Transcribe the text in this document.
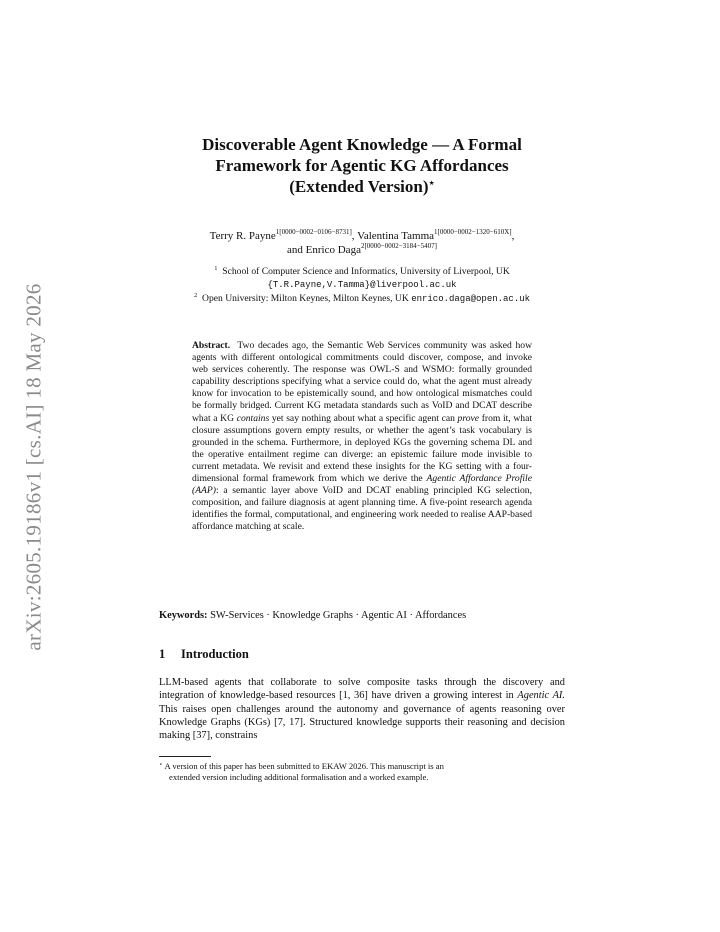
arXiv:2605.19186v1 [cs.AI] 18 May 2026
Discoverable Agent Knowledge — A Formal
Framework for Agentic KG Affordances
(Extended Version)⋆
Terry R. Payne$^{1[0000-0002-0106-8731]}$, Valentina Tamma$^{1[0000-0002-1320-610X]}$,
and Enrico Daga$^{2[0000-0002-3184-5407]}$
$^1$ School of Computer Science and Informatics, University of Liverpool, UK
{T.R.Payne,V.Tamma}@liverpool.ac.uk
$^2$ Open University: Milton Keynes, Milton Keynes, UK enrico.daga@open.ac.uk
Abstract. Two decades ago, the Semantic Web Services community was asked how agents with different ontological commitments could discover, compose, and invoke web services coherently. The response was OWL-S and WSMO: formally grounded capability descriptions specifying what a service could do, what the agent must already know for invocation to be epistemically sound, and how ontological mismatches could be formally bridged. Current KG metadata standards such as VoID and DCAT describe what a KG contains yet say nothing about what a specific agent can prove from it, what closure assumptions govern empty results, or whether the agent’s task vocabulary is grounded in the schema. Furthermore, in deployed KGs the governing schema DL and the operative entailment regime can diverge: an epistemic failure mode invisible to current metadata. We revisit and extend these insights for the KG setting with a four-dimensional formal framework from which we derive the Agentic Affordance Profile (AAP): a semantic layer above VoID and DCAT enabling principled KG selection, composition, and failure diagnosis at agent planning time. A five-point research agenda identifies the formal, computational, and engineering work needed to realise AAP-based affordance matching at scale.
Keywords: SW-Services · Knowledge Graphs · Agentic AI · Affordances
1 Introduction
LLM-based agents that collaborate to solve composite tasks through the discovery and integration of knowledge-based resources [1, 36] have driven a growing interest in Agentic AI. This raises open challenges around the autonomy and governance of agents reasoning over Knowledge Graphs (KGs) [7, 17]. Structured knowledge supports their reasoning and decision making [37], constrains
⋆ A version of this paper has been submitted to EKAW 2026. This manuscript is an
extended version including additional formalisation and a worked example.
